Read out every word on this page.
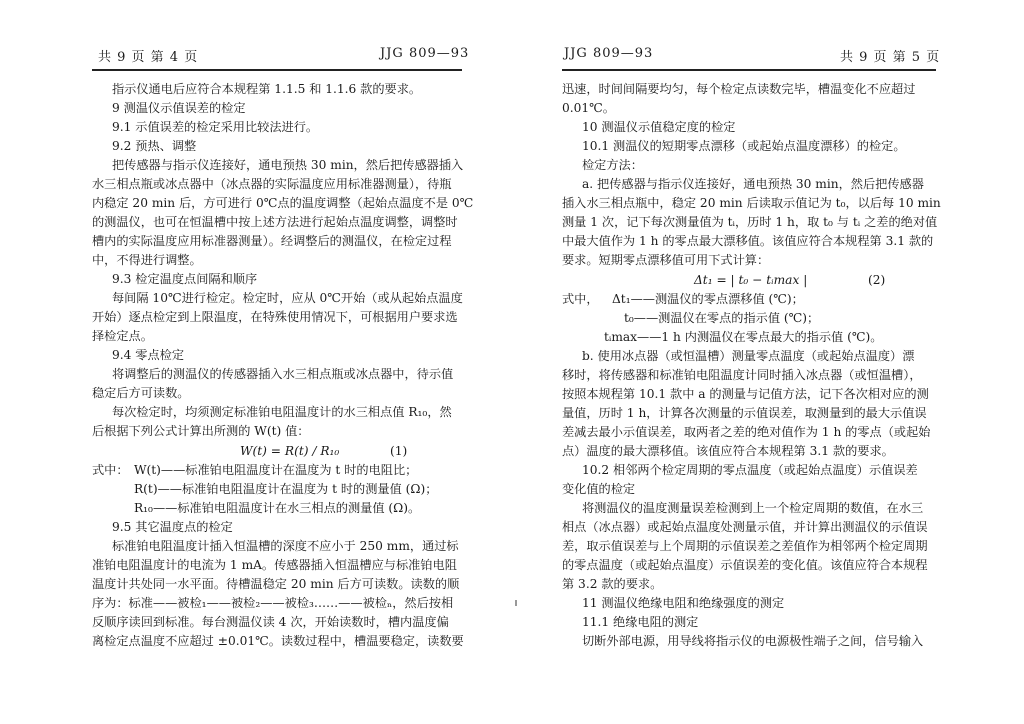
共 9 页 第 4 页	JJG 809—93
指示仪通电后应符合本规程第 1.1.5 和 1.1.6 款的要求。
9 测温仪示值误差的检定
9.1 示值误差的检定采用比较法进行。
9.2 预热、调整
把传感器与指示仪连接好，通电预热 30 min，然后把传感器插入
水三相点瓶或冰点器中（冰点器的实际温度应用标准器测量），待瓶
内稳定 20 min 后，方可进行 0℃点的温度调整（起始点温度不是 0℃
的测温仪，也可在恒温槽中按上述方法进行起始点温度调整，调整时
槽内的实际温度应用标准器测量）。经调整后的测温仪，在检定过程
中，不得进行调整。
9.3 检定温度点间隔和顺序
每间隔 10℃进行检定。检定时，应从 0℃开始（或从起始点温度
开始）逐点检定到上限温度，在特殊使用情况下，可根据用户要求选
择检定点。
9.4 零点检定
将调整后的测温仪的传感器插入水三相点瓶或冰点器中，待示值
稳定后方可读数。
每次检定时，均须测定标准铂电阻温度计的水三相点值 R₁₀，然
后根据下列公式计算出所测的 W(t) 值：
W(t) = R(t) / R₁₀	(1)
式中： W(t)——标准铂电阻温度计在温度为 t 时的电阻比；
R(t)——标准铂电阻温度计在温度为 t 时的测量值 (Ω)；
R₁₀——标准铂电阻温度计在水三相点的测量值 (Ω)。
9.5 其它温度点的检定
标准铂电阻温度计插入恒温槽的深度不应小于 250 mm，通过标
准铂电阻温度计的电流为 1 mA。传感器插入恒温槽应与标准铂电阻
温度计共处同一水平面。待槽温稳定 20 min 后方可读数。读数的顺
序为：标准——被检₁——被检₂——被检₃……——被检ₙ，然后按相
反顺序读回到标准。每台测温仪读 4 次，开始读数时，槽内温度偏
离检定点温度不应超过 ±0.01℃。读数过程中，槽温要稳定，读数要
JJG 809—93	共 9 页 第 5 页
迅速，时间间隔要均匀，每个检定点读数完毕，槽温变化不应超过
0.01℃。
10 测温仪示值稳定度的检定
10.1 测温仪的短期零点漂移（或起始点温度漂移）的检定。
检定方法：
a. 把传感器与指示仪连接好，通电预热 30 min，然后把传感器
插入水三相点瓶中，稳定 20 min 后读取示值记为 t₀，以后每 10 min
测量 1 次，记下每次测量值为 tᵢ，历时 1 h，取 t₀ 与 tᵢ 之差的绝对值
中最大值作为 1 h 的零点最大漂移值。该值应符合本规程第 3.1 款的
要求。短期零点漂移值可用下式计算：
Δt₁ = | t₀ − tᵢmax |	(2)
式中， Δt₁——测温仪的零点漂移值 (℃)；
t₀——测温仪在零点的指示值 (℃)；
tᵢmax——1 h 内测温仪在零点最大的指示值 (℃)。
b. 使用冰点器（或恒温槽）测量零点温度（或起始点温度）漂
移时，将传感器和标准铂电阻温度计同时插入冰点器（或恒温槽），
按照本规程第 10.1 款中 a 的测量与记值方法，记下各次相对应的测
量值，历时 1 h，计算各次测量的示值误差，取测量到的最大示值误
差减去最小示值误差，取两者之差的绝对值作为 1 h 的零点（或起始
点）温度的最大漂移值。该值应符合本规程第 3.1 款的要求。
10.2 相邻两个检定周期的零点温度（或起始点温度）示值误差
变化值的检定
将测温仪的温度测量误差检测到上一个检定周期的数值，在水三
相点（冰点器）或起始点温度处测量示值，并计算出测温仪的示值误
差，取示值误差与上个周期的示值误差之差值作为相邻两个检定周期
的零点温度（或起始点温度）示值误差的变化值。该值应符合本规程
第 3.2 款的要求。
11 测温仪绝缘电阻和绝缘强度的测定
11.1 绝缘电阻的测定
切断外部电源，用导线将指示仪的电源极性端子之间，信号输入
